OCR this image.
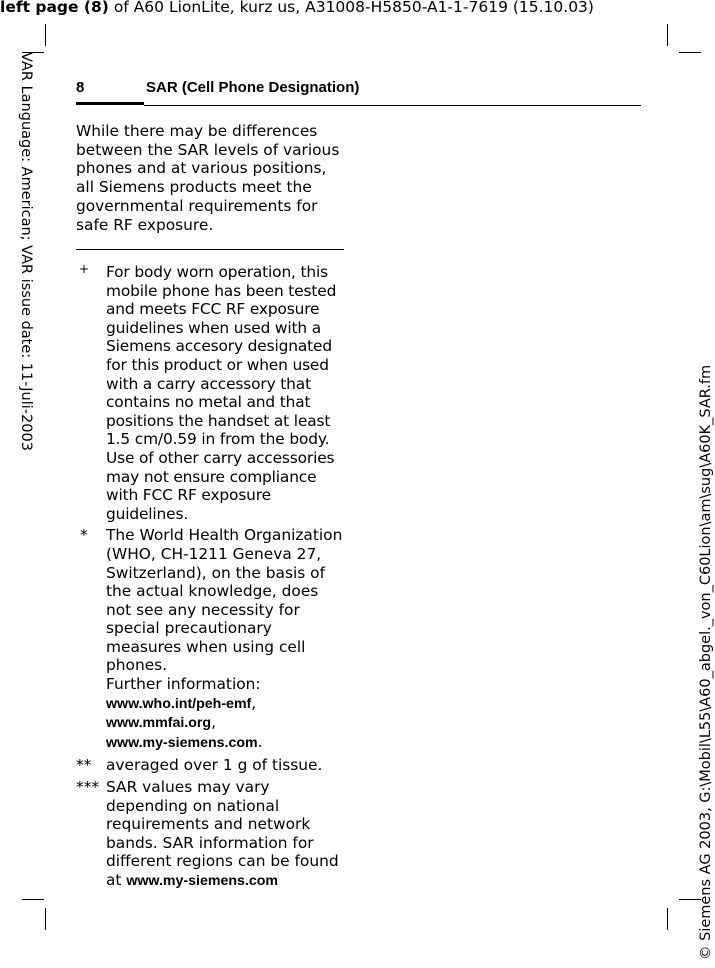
left page (8) of A60 LionLite, kurz us, A31008-H5850-A1-1-7619 (15.10.03)
VAR Language: American; VAR issue date: 11-Juli-2003
© Siemens AG 2003, G:\Mobil\L55\A60_abgel._von_C60Lion\am\sug\A60K_SAR.fm
8	SAR (Cell Phone Designation)
While there may be differences between the SAR levels of various phones and at various positions, all Siemens products meet the governmental requirements for safe RF exposure.
+ For body worn operation, this mobile phone has been tested and meets FCC RF exposure guidelines when used with a Siemens accesory designated for this product or when used with a carry accessory that contains no metal and that positions the handset at least 1.5 cm/0.59 in from the body. Use of other carry accessories may not ensure compliance with FCC RF exposure guidelines.
* The World Health Organization (WHO, CH-1211 Geneva 27, Switzerland), on the basis of the actual knowledge, does not see any necessity for special precautionary measures when using cell phones.
Further information:
www.who.int/peh-emf,
www.mmfai.org,
www.my-siemens.com.
** averaged over 1 g of tissue.
*** SAR values may vary depending on national requirements and network bands. SAR information for different regions can be found at www.my-siemens.com
